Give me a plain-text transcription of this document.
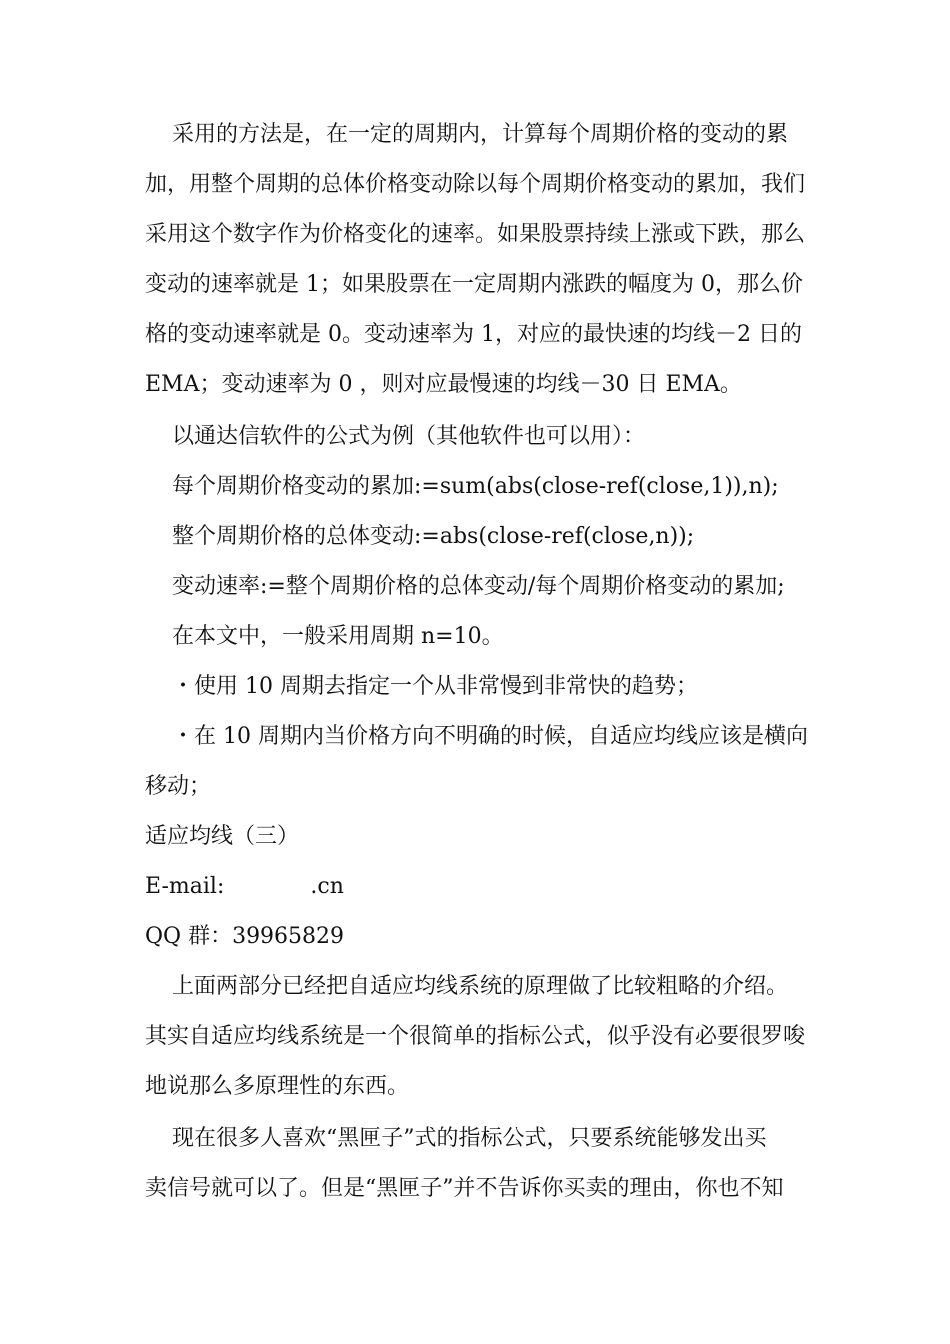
采用的方法是，在一定的周期内，计算每个周期价格的变动的累
加，用整个周期的总体价格变动除以每个周期价格变动的累加，我们
采用这个数字作为价格变化的速率。如果股票持续上涨或下跌，那么
变动的速率就是 1；如果股票在一定周期内涨跌的幅度为 0，那么价
格的变动速率就是 0。变动速率为 1，对应的最快速的均线－2 日的
EMA；变动速率为 0 ，则对应最慢速的均线－30 日 EMA。
以通达信软件的公式为例（其他软件也可以用）：
每个周期价格变动的累加:=sum(abs(close-ref(close,1)),n);
整个周期价格的总体变动:=abs(close-ref(close,n));
变动速率:=整个周期价格的总体变动/每个周期价格变动的累加;
在本文中，一般采用周期 n=10。
・使用 10 周期去指定一个从非常慢到非常快的趋势；
・在 10 周期内当价格方向不明确的时候，自适应均线应该是横向
移动；
适应均线（三）
E-mail:	.cn
QQ 群：39965829
上面两部分已经把自适应均线系统的原理做了比较粗略的介绍。
其实自适应均线系统是一个很简单的指标公式，似乎没有必要很罗唆
地说那么多原理性的东西。
现在很多人喜欢“黑匣子”式的指标公式，只要系统能够发出买
卖信号就可以了。但是“黑匣子”并不告诉你买卖的理由，你也不知
